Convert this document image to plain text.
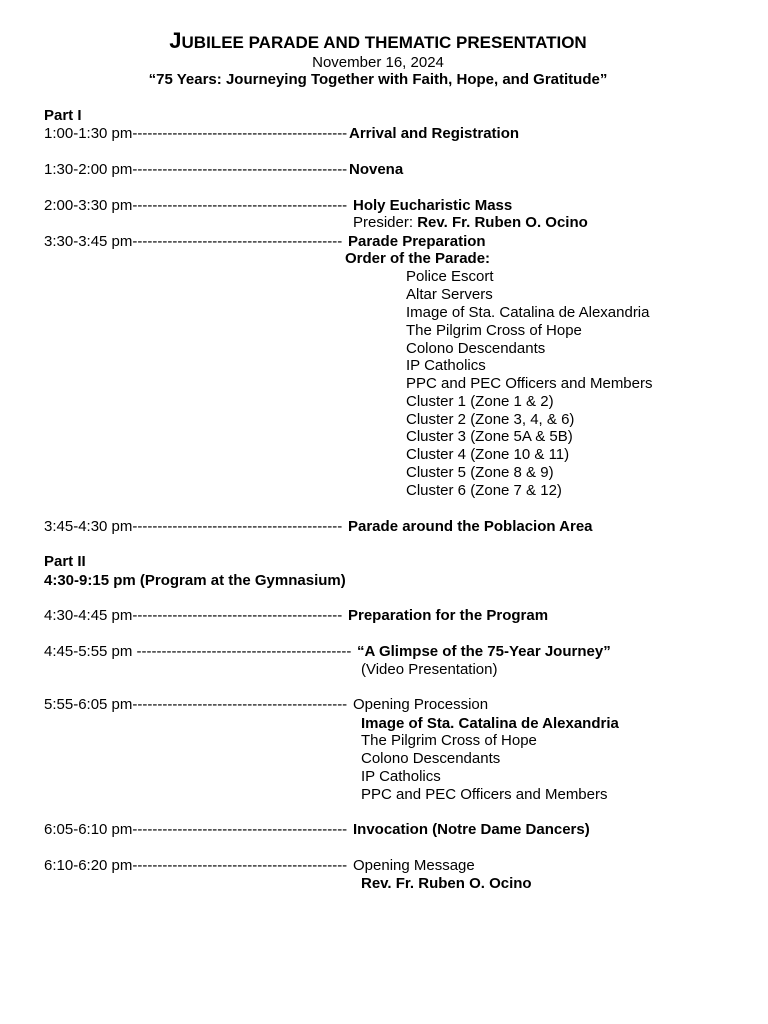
JUBILEE PARADE AND THEMATIC PRESENTATION
November 16, 2024
“75 Years: Journeying Together with Faith, Hope, and Gratitude”
Part I
1:00-1:30 pm------------------------------------------- Arrival and Registration
1:30-2:00 pm------------------------------------------- Novena
2:00-3:30 pm------------------------------------------- Holy Eucharistic Mass
Presider: Rev. Fr. Ruben O. Ocino
3:30-3:45 pm------------------------------------------ Parade Preparation
Order of the Parade:
Police Escort
Altar Servers
Image of Sta. Catalina de Alexandria
The Pilgrim Cross of Hope
Colono Descendants
IP Catholics
PPC and PEC Officers and Members
Cluster 1 (Zone 1 & 2)
Cluster 2 (Zone 3, 4, & 6)
Cluster 3 (Zone 5A & 5B)
Cluster 4 (Zone 10 & 11)
Cluster 5 (Zone 8 & 9)
Cluster 6 (Zone 7 & 12)
3:45-4:30 pm------------------------------------------ Parade around the Poblacion Area
Part II
4:30-9:15 pm (Program at the Gymnasium)
4:30-4:45 pm------------------------------------------ Preparation for the Program
4:45-5:55 pm ------------------------------------------- “A Glimpse of the 75-Year Journey”
(Video Presentation)
5:55-6:05 pm------------------------------------------- Opening Procession
Image of Sta. Catalina de Alexandria
The Pilgrim Cross of Hope
Colono Descendants
IP Catholics
PPC and PEC Officers and Members
6:05-6:10 pm------------------------------------------- Invocation (Notre Dame Dancers)
6:10-6:20 pm------------------------------------------- Opening Message
Rev. Fr. Ruben O. Ocino
